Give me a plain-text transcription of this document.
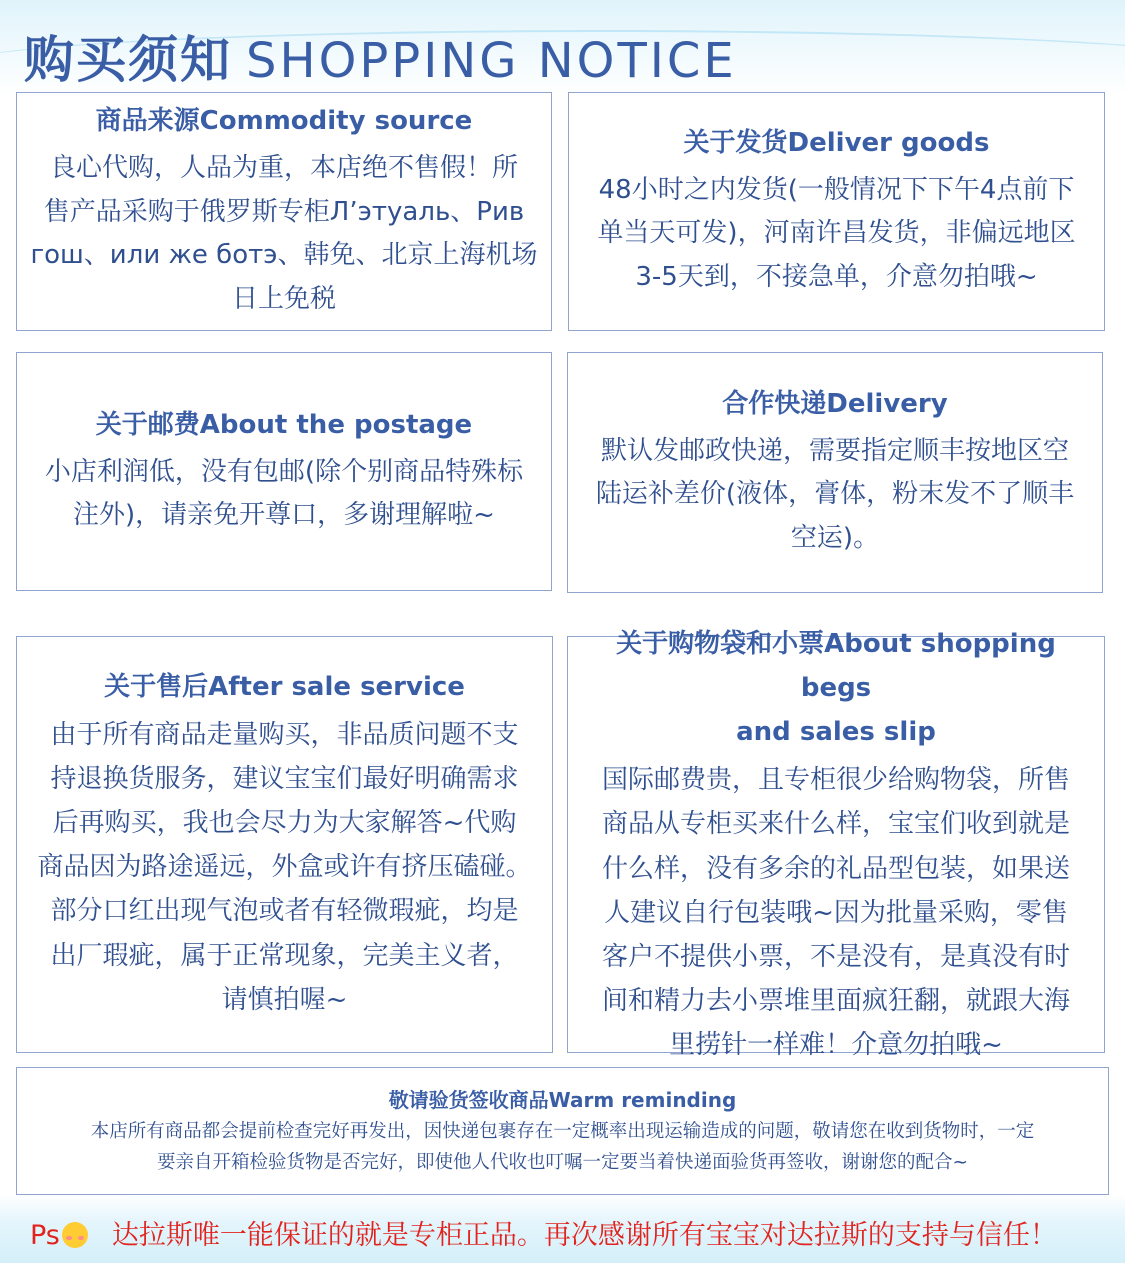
购买须知 SHOPPING NOTICE
商品来源Commodity source
良心代购，人品为重，本店绝不售假！所
售产品采购于俄罗斯专柜Л’этуаль、Рив
гош、или же ботэ、韩免、北京上海机场
日上免税
关于发货Deliver goods
48小时之内发货(一般情况下下午4点前下
单当天可发)，河南许昌发货，非偏远地区
3-5天到，不接急单，介意勿拍哦~
关于邮费About the postage
小店利润低，没有包邮(除个别商品特殊标
注外)，请亲免开尊口，多谢理解啦~
合作快递Delivery
默认发邮政快递，需要指定顺丰按地区空
陆运补差价(液体，膏体，粉末发不了顺丰
空运)。
关于售后After sale service
由于所有商品走量购买，非品质问题不支
持退换货服务，建议宝宝们最好明确需求
后再购买，我也会尽力为大家解答~代购
商品因为路途遥远，外盒或许有挤压磕碰。
部分口红出现气泡或者有轻微瑕疵，均是
出厂瑕疵，属于正常现象，完美主义者，
请慎拍喔~
关于购物袋和小票About shopping begs
and sales slip
国际邮费贵，且专柜很少给购物袋，所售
商品从专柜买来什么样，宝宝们收到就是
什么样，没有多余的礼品型包装，如果送
人建议自行包装哦~因为批量采购，零售
客户不提供小票，不是没有，是真没有时
间和精力去小票堆里面疯狂翻，就跟大海
里捞针一样难！介意勿拍哦~
敬请验货签收商品Warm reminding
本店所有商品都会提前检查完好再发出，因快递包裹存在一定概率出现运输造成的问题，敬请您在收到货物时，一定
要亲自开箱检验货物是否完好，即使他人代收也叮嘱一定要当着快递面验货再签收，谢谢您的配合~
Ps 达拉斯唯一能保证的就是专柜正品。再次感谢所有宝宝对达拉斯的支持与信任！
